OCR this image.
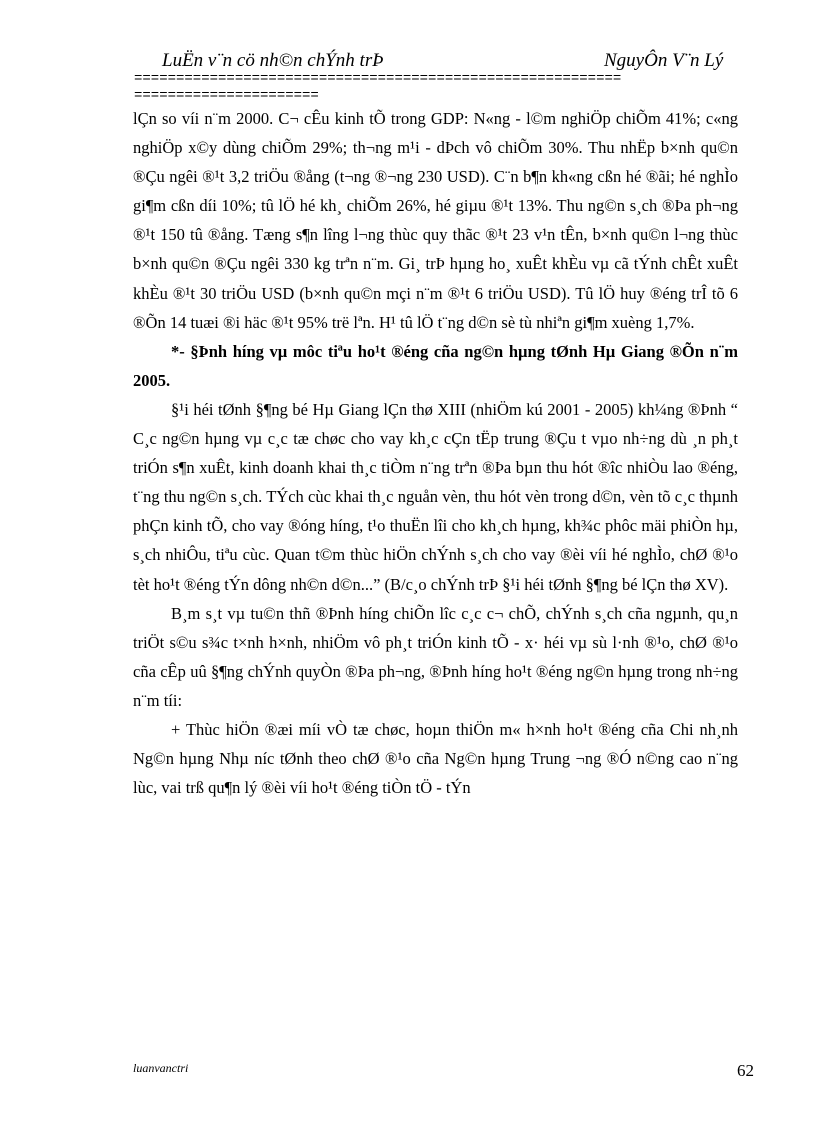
LuËn v¨n cö nh©n chÝnh trÞ	NguyÔn V¨n Lý
==========================================================
======================

lÇn so víi n¨m 2000. C¬ cÊu kinh tÕ trong GDP: N«ng - l©m nghiÖp chiÕm 41%; c«ng nghiÖp x©y dùng chiÕm 29%; th¬ng m¹i - dÞch vô chiÕm 30%. Thu nhËp b×nh qu©n ®Çu ngêi ®¹t 3,2 triÖu ®ång (t¬ng ®¬ng 230 USD). C¨n b¶n kh«ng cßn hé ®ãi; hé nghÌo gi¶m cßn díi 10%; tû lÖ hé kh¸ chiÕm 26%, hé giµu ®¹t 13%. Thu ng©n s¸ch ®Þa ph¬ng ®¹t 150 tû ®ång. Tæng s¶n lîng l¬ng thùc quy thãc ®¹t 23 v¹n tÊn, b×nh qu©n l¬ng thùc b×nh qu©n ®Çu ngêi 330 kg trªn n¨m. Gi¸ trÞ hµng ho¸ xuÊt khÈu vµ cã tÝnh chÊt xuÊt khÈu ®¹t 30 triÖu USD (b×nh qu©n mçi n¨m ®¹t 6 triÖu USD). Tû lÖ huy ®éng trÎ tõ 6 ®Õn 14 tuæi ®i häc ®¹t 95% trë lªn. H¹ tû lÖ t¨ng d©n sè tù nhiªn gi¶m xuèng 1,7%.

*- §Þnh híng vµ môc tiªu ho¹t ®éng cña ng©n hµng tØnh Hµ Giang ®Õn n¨m 2005.

§¹i héi tØnh §¶ng bé Hµ Giang lÇn thø XIII (nhiÖm kú 2001 - 2005) kh¼ng ®Þnh “ C¸c ng©n hµng vµ c¸c tæ chøc cho vay kh¸c cÇn tËp trung ®Çu t vµo nh÷ng dù ¸n ph¸t triÓn s¶n xuÊt, kinh doanh khai th¸c tiÒm n¨ng trªn ®Þa bµn thu hót ®îc nhiÒu lao ®éng, t¨ng thu ng©n s¸ch. TÝch cùc khai th¸c nguån vèn, thu hót vèn trong d©n, vèn tõ c¸c thµnh phÇn kinh tÕ, cho vay ®óng híng, t¹o thuËn lîi cho kh¸ch hµng, kh¾c phôc mäi phiÒn hµ, s¸ch nhiÔu, tiªu cùc. Quan t©m thùc hiÖn chÝnh s¸ch cho vay ®èi víi hé nghÌo, chØ ®¹o tèt ho¹t ®éng tÝn dông nh©n d©n...” (B/c¸o chÝnh trÞ §¹i héi tØnh §¶ng bé lÇn thø XV).

B¸m s¸t vµ tu©n thñ ®Þnh híng chiÕn lîc c¸c c¬ chÕ, chÝnh s¸ch cña ngµnh, qu¸n triÖt s©u s¾c t×nh h×nh, nhiÖm vô ph¸t triÓn kinh tÕ - x· héi vµ sù l·nh ®¹o, chØ ®¹o cña cÊp uû §¶ng chÝnh quyÒn ®Þa ph¬ng, ®Þnh híng ho¹t ®éng ng©n hµng trong nh÷ng n¨m tíi:

+ Thùc hiÖn ®æi míi vÒ tæ chøc, hoµn thiÖn m« h×nh ho¹t ®éng cña Chi nh¸nh Ng©n hµng Nhµ níc tØnh theo chØ ®¹o cña Ng©n hµng Trung ¬ng ®Ó n©ng cao n¨ng lùc, vai trß qu¶n lý ®èi víi ho¹t ®éng tiÒn tÖ - tÝn

luanvanctri	62
